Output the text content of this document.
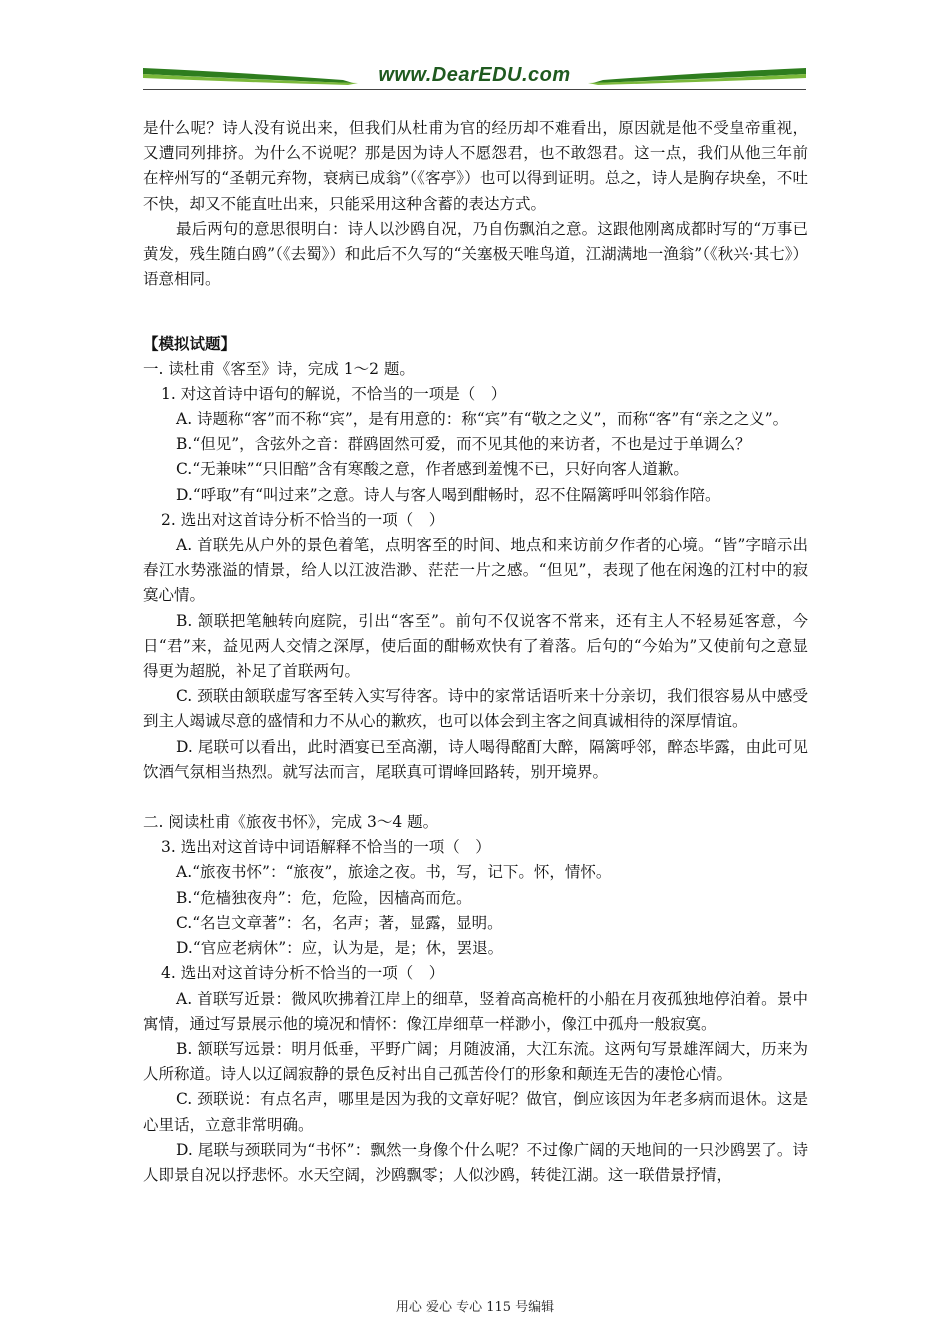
www.DearEDU.com

是什么呢？诗人没有说出来，但我们从杜甫为官的经历却不难看出，原因就是他不受皇帝重视，又遭同列排挤。为什么不说呢？那是因为诗人不愿怨君，也不敢怨君。这一点，我们从他三年前在梓州写的“圣朝元弃物，衰病已成翁”（《客亭》）也可以得到证明。总之，诗人是胸存块垒，不吐不快，却又不能直吐出来，只能采用这种含蓄的表达方式。

最后两句的意思很明白：诗人以沙鸥自况，乃自伤飘泊之意。这跟他刚离成都时写的“万事已黄发，残生随白鸥”（《去蜀》）和此后不久写的“关塞极天唯鸟道，江湖满地一渔翁”（《秋兴·其七》）语意相同。

【模拟试题】

一. 读杜甫《客至》诗，完成 1～2 题。

1. 对这首诗中语句的解说，不恰当的一项是（　）

A. 诗题称“客”而不称“宾”，是有用意的：称“宾”有“敬之之义”，而称“客”有“亲之之义”。

B.“但见”，含弦外之音：群鸥固然可爱，而不见其他的来访者，不也是过于单调么？

C.“无兼味”“只旧醅”含有寒酸之意，作者感到羞愧不已，只好向客人道歉。

D.“呼取”有“叫过来”之意。诗人与客人喝到酣畅时，忍不住隔篱呼叫邻翁作陪。

2. 选出对这首诗分析不恰当的一项（　）

A. 首联先从户外的景色着笔，点明客至的时间、地点和来访前夕作者的心境。“皆”字暗示出春江水势涨溢的情景，给人以江波浩渺、茫茫一片之感。“但见”，表现了他在闲逸的江村中的寂寞心情。

B. 颔联把笔触转向庭院，引出“客至”。前句不仅说客不常来，还有主人不轻易延客意，今日“君”来，益见两人交情之深厚，使后面的酣畅欢快有了着落。后句的“今始为”又使前句之意显得更为超脱，补足了首联两句。

C. 颈联由颔联虚写客至转入实写待客。诗中的家常话语听来十分亲切，我们很容易从中感受到主人竭诚尽意的盛情和力不从心的歉疚，也可以体会到主客之间真诚相待的深厚情谊。

D. 尾联可以看出，此时酒宴已至高潮，诗人喝得酩酊大醉，隔篱呼邻，醉态毕露，由此可见饮酒气氛相当热烈。就写法而言，尾联真可谓峰回路转，别开境界。

二. 阅读杜甫《旅夜书怀》，完成 3～4 题。

3. 选出对这首诗中词语解释不恰当的一项（　）

A.“旅夜书怀”：“旅夜”，旅途之夜。书，写，记下。怀，情怀。

B.“危樯独夜舟”：危，危险，因樯高而危。

C.“名岂文章著”：名，名声；著，显露，显明。

D.“官应老病休”：应，认为是，是；休，罢退。

4. 选出对这首诗分析不恰当的一项（　）

A. 首联写近景：微风吹拂着江岸上的细草，竖着高高桅杆的小船在月夜孤独地停泊着。景中寓情，通过写景展示他的境况和情怀：像江岸细草一样渺小，像江中孤舟一般寂寞。

B. 颔联写远景：明月低垂，平野广阔；月随波涌，大江东流。这两句写景雄浑阔大，历来为人所称道。诗人以辽阔寂静的景色反衬出自己孤苦伶仃的形象和颠连无告的凄怆心情。

C. 颈联说：有点名声，哪里是因为我的文章好呢？做官，倒应该因为年老多病而退休。这是心里话，立意非常明确。

D. 尾联与颈联同为“书怀”：飘然一身像个什么呢？不过像广阔的天地间的一只沙鸥罢了。诗人即景自况以抒悲怀。水天空阔，沙鸥飘零；人似沙鸥，转徙江湖。这一联借景抒情，

用心 爱心 专心 115 号编辑
